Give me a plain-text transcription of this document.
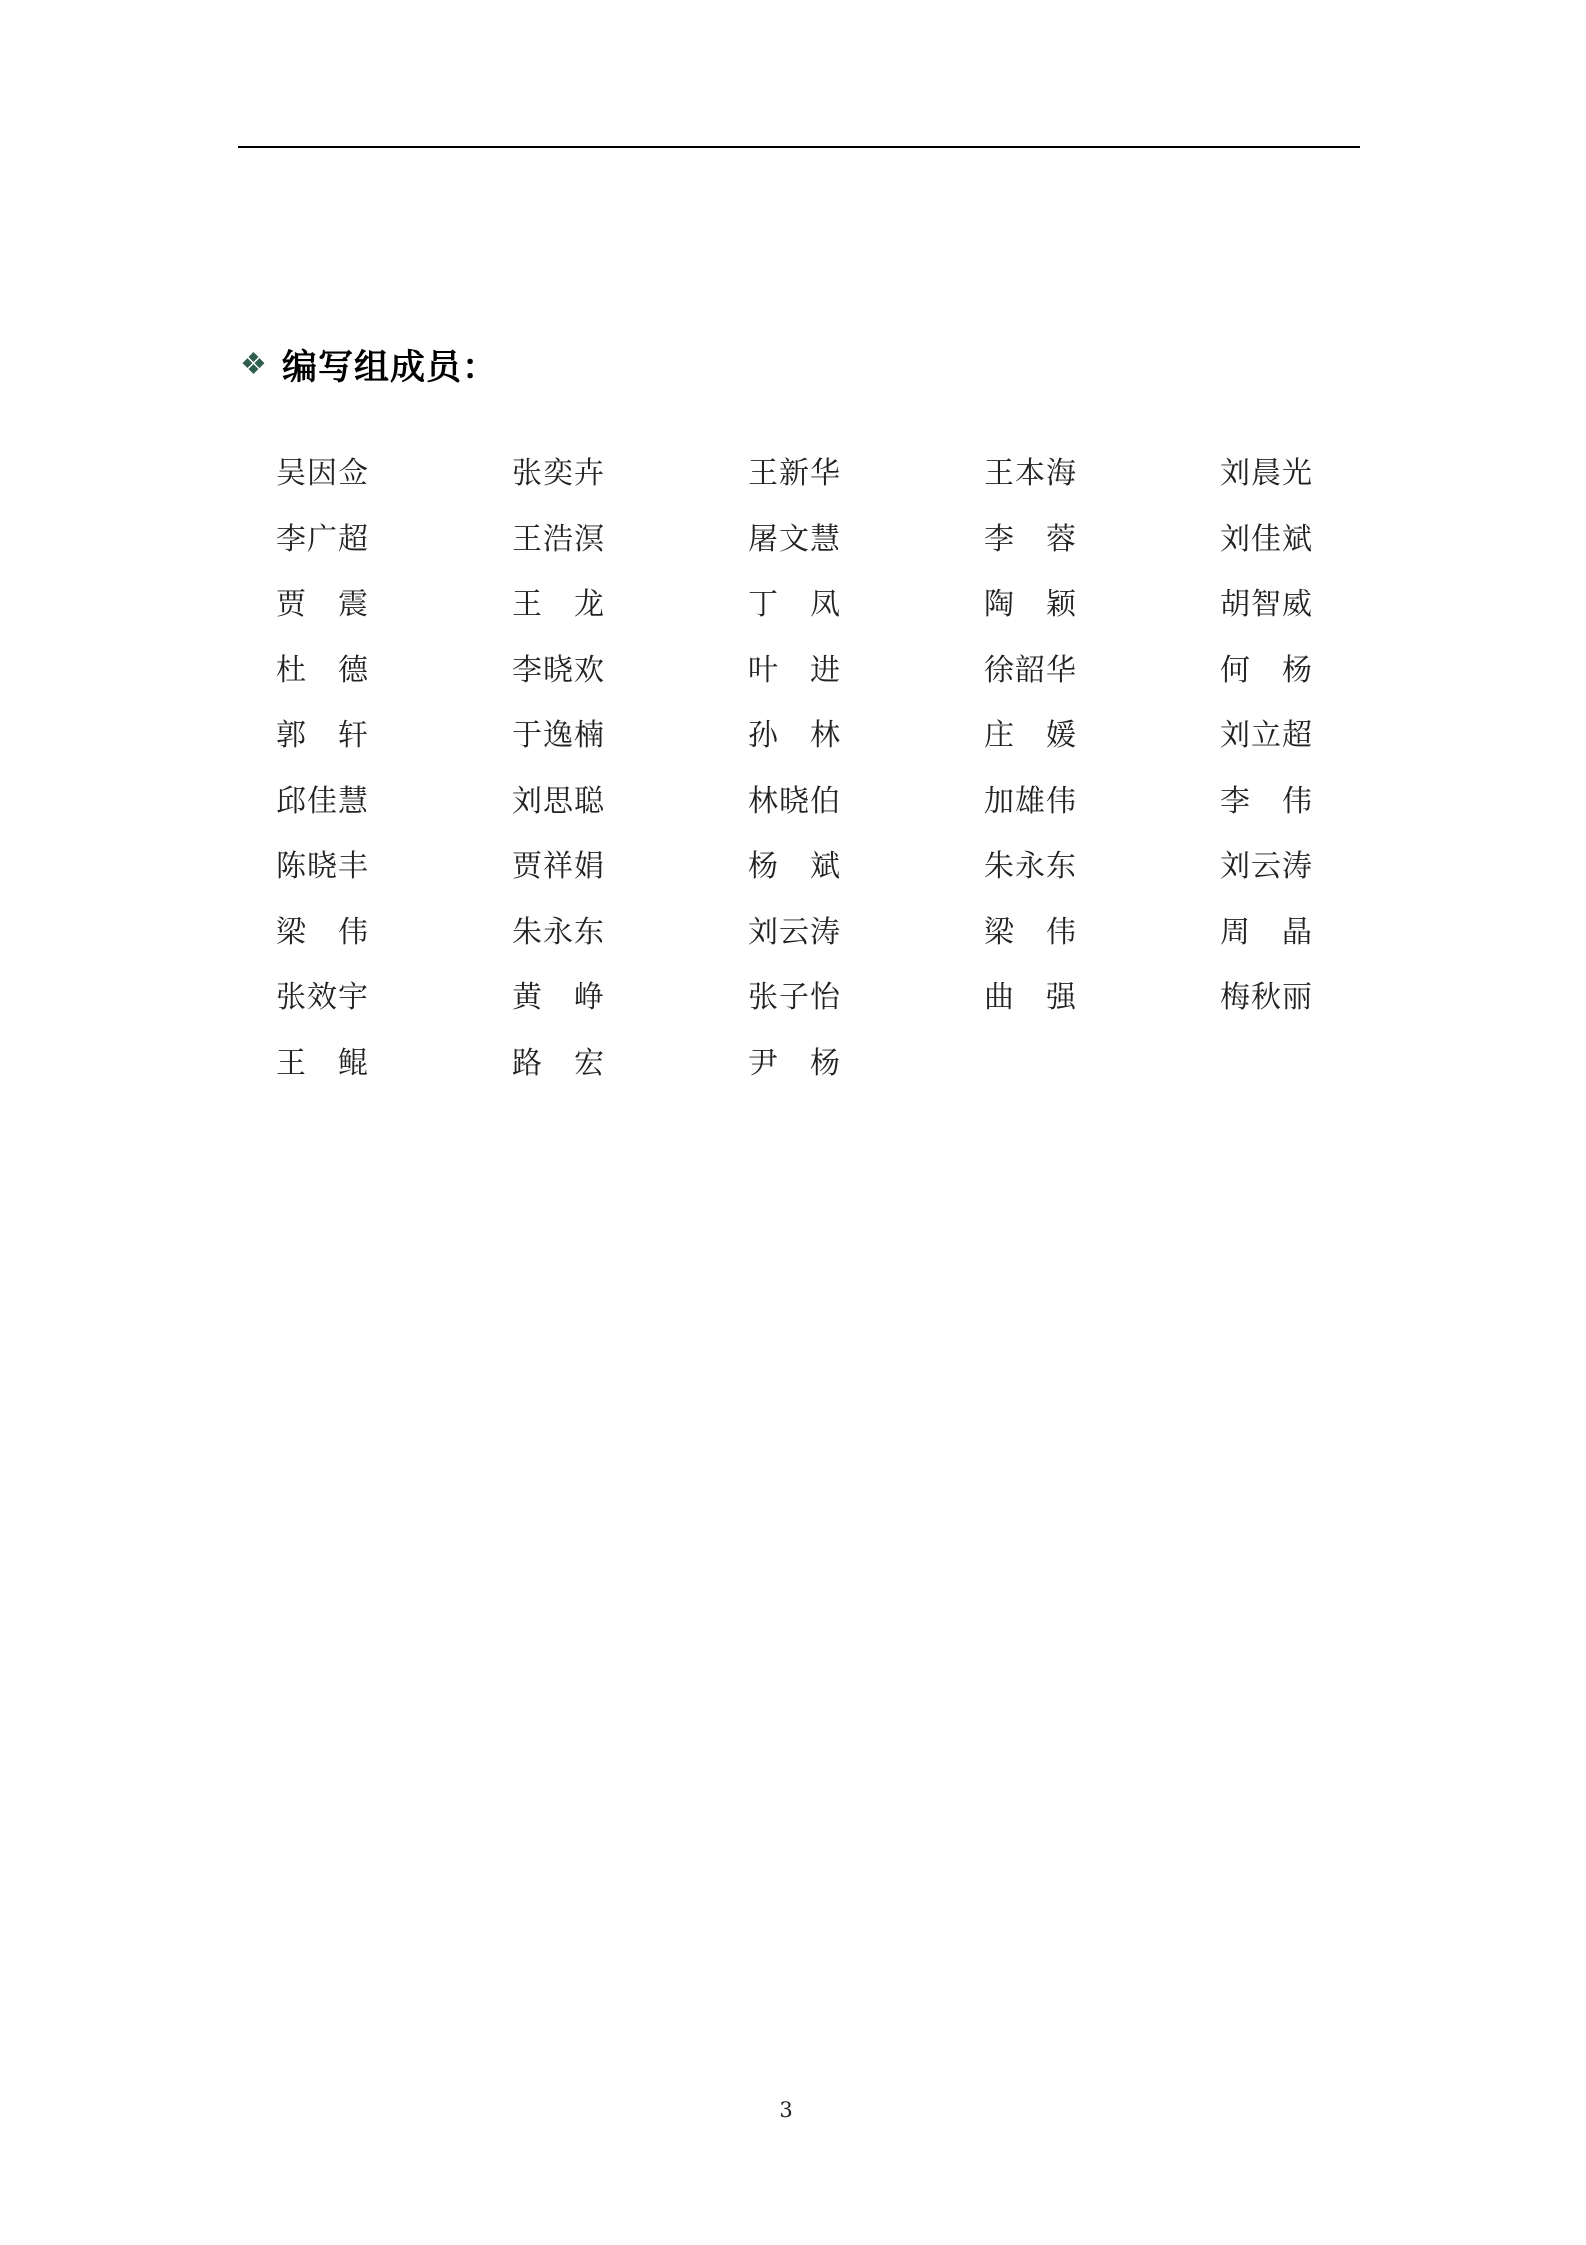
❖ 编写组成员：
吴 因 佥	张 奕 卉	王 新 华	王 本 海	刘 晨 光
李 广 超	王 浩 溟	屠 文 慧	李 蓉	刘 佳 斌
贾 震	王 龙	丁 凤	陶 颖	胡 智 威
杜 德	李 晓 欢	叶 进	徐 韶 华	何 杨
郭 轩	于 逸 楠	孙 林	庄 媛	刘 立 超
邱 佳 慧	刘 思 聪	林 晓 伯	加 雄 伟	李 伟
陈 晓 丰	贾 祥 娟	杨 斌	朱 永 东	刘 云 涛
梁 伟	朱 永 东	刘 云 涛	梁 伟	周 晶
张 效 宇	黄 峥	张 子 怡	曲 强	梅 秋 丽
王 鲲	路 宏	尹 杨
3
